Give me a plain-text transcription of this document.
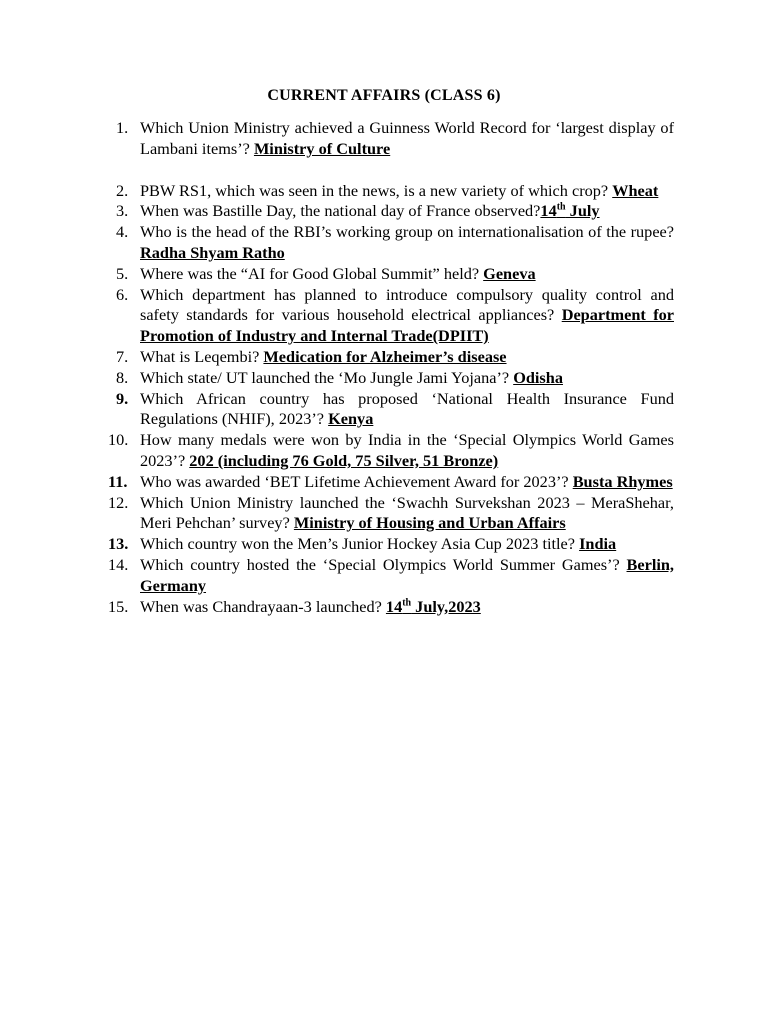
CURRENT AFFAIRS (CLASS 6)
1. Which Union Ministry achieved a Guinness World Record for ‘largest display of Lambani items’? Ministry of Culture
2. PBW RS1, which was seen in the news, is a new variety of which crop? Wheat
3. When was Bastille Day, the national day of France observed?14th July
4. Who is the head of the RBI’s working group on internationalisation of the rupee? Radha Shyam Ratho
5. Where was the “AI for Good Global Summit” held? Geneva
6. Which department has planned to introduce compulsory quality control and safety standards for various household electrical appliances? Department for Promotion of Industry and Internal Trade(DPIIT)
7. What is Leqembi? Medication for Alzheimer’s disease
8. Which state/ UT launched the ‘Mo Jungle Jami Yojana’? Odisha
9. Which African country has proposed ‘National Health Insurance Fund Regulations (NHIF), 2023’? Kenya
10. How many medals were won by India in the ‘Special Olympics World Games 2023’? 202 (including 76 Gold, 75 Silver, 51 Bronze)
11. Who was awarded ‘BET Lifetime Achievement Award for 2023’? Busta Rhymes
12. Which Union Ministry launched the ‘Swachh Survekshan 2023 – MeraShehar, Meri Pehchan’ survey? Ministry of Housing and Urban Affairs
13. Which country won the Men’s Junior Hockey Asia Cup 2023 title? India
14. Which country hosted the ‘Special Olympics World Summer Games’? Berlin, Germany
15. When was Chandrayaan-3 launched? 14th July,2023
